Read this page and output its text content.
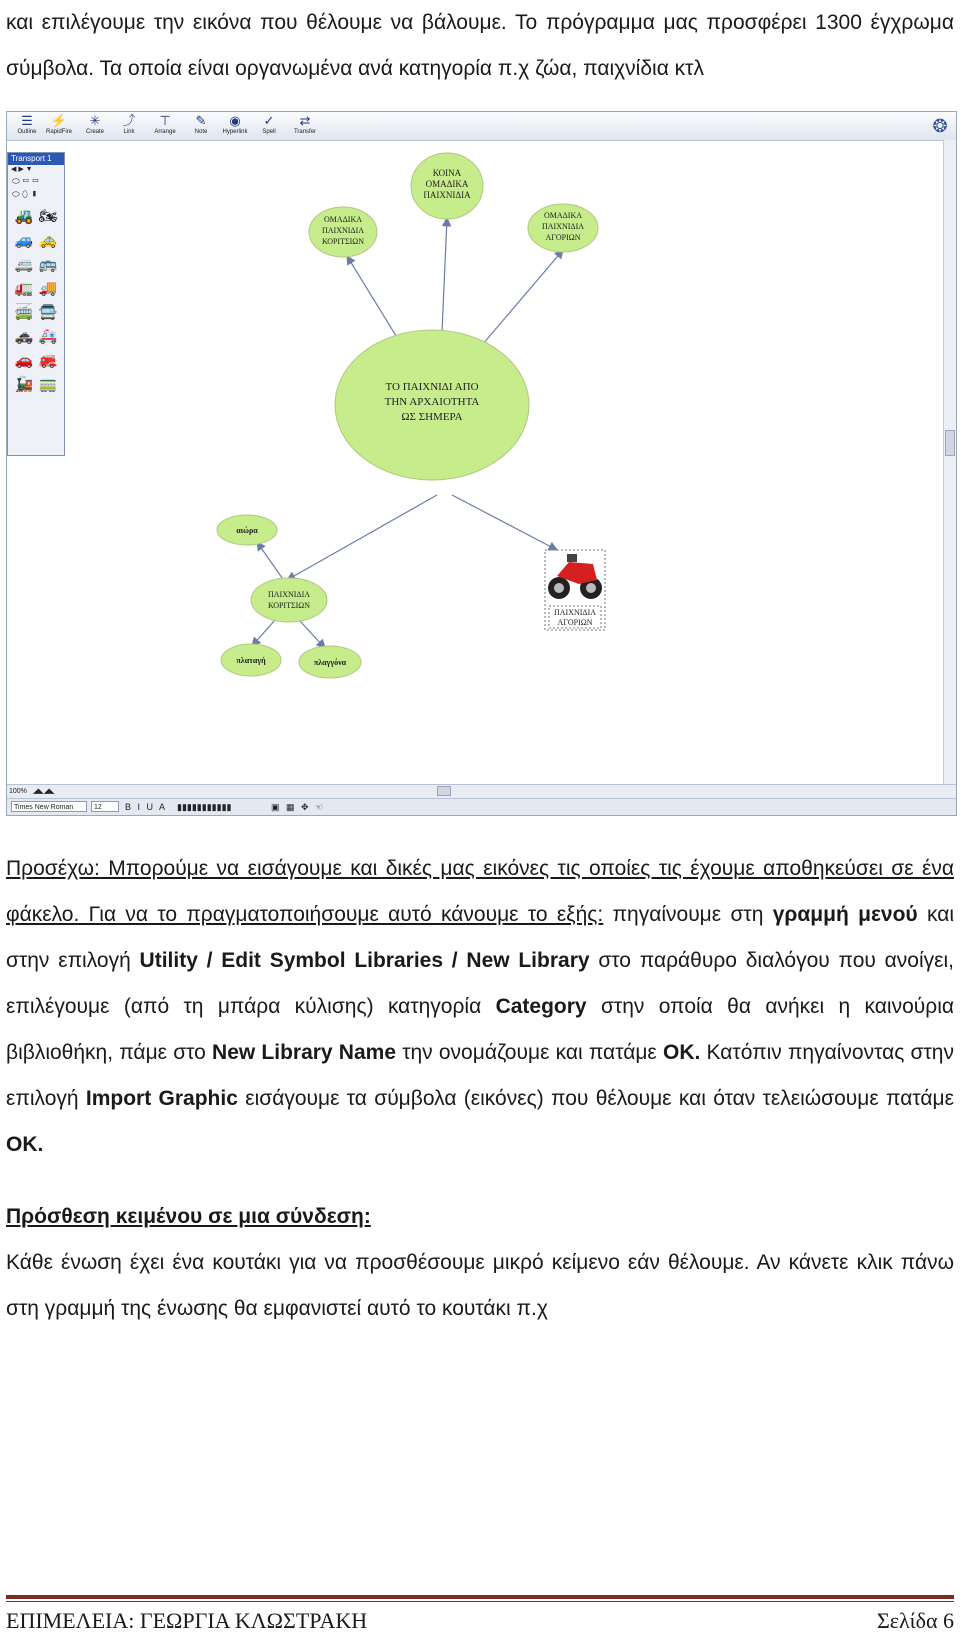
και επιλέγουμε την εικόνα που θέλουμε να βάλουμε. Το πρόγραμμα μας προσφέρει 1300 έγχρωμα σύμβολα. Τα οποία είναι οργανωμένα ανά κατηγορία π.χ ζώα, παιχνίδια κτλ
☰
Outline
⚡
RapidFire
✳
Create
⤴
Link
⊤
Arrange
✎
Note
◉
Hyperlink
✓
Spell
⇄
Transfer	❂
ΚΟΙΝΑ ΟΜΑΔΙΚΑ ΠΑΙΧΝΙΔΙΑ
ΟΜΑΔΙΚΑ ΠΑΙΧΝΙΔΙΑ ΚΟΡΙΤΣΙΩΝ
ΟΜΑΔΙΚΑ ΠΑΙΧΝΙΔΙΑ ΑΓΟΡΙΩΝ
ΤΟ ΠΑΙΧΝΙΔΙ ΑΠΟ ΤΗΝ ΑΡΧΑΙΟΤΗΤΑ ΩΣ ΣΗΜΕΡΑ
ΠΑΙΧΝΙΔΙΑ ΚΟΡΙΤΣΙΩΝ
αιώρα
πλαταγή	πλαγγόνα
ΠΑΙΧΝΙΔΙΑ ΑΓΟΡΙΩΝ
Transport 1
◀ ▶ ▼
⬭ ▭ ▭
⬭ ⬯ ▮
🚜 🏍🚙 🚕🚐 🚌🚛 🚚🚎 🚍🚓 🚑🚗 🚒🚂 🚃
100% ◢◣◢◣
Times New Roman	12	B I U A ▮▮▮▮▮▮▮▮▮▮▮	▣ ▦ ✥ ☜
Προσέχω: Μπορούμε να εισάγουμε και δικές μας εικόνες τις οποίες τις έχουμε αποθηκεύσει σε ένα φάκελο. Για να το πραγματοποιήσουμε αυτό κάνουμε το εξής: πηγαίνουμε στη γραμμή μενού και στην επιλογή Utility / Edit Symbol Libraries / New Library στο παράθυρο διαλόγου που ανοίγει, επιλέγουμε (από τη μπάρα κύλισης) κατηγορία Category στην οποία θα ανήκει η καινούρια βιβλιοθήκη, πάμε στο New Library Name την ονομάζουμε και πατάμε OK. Κατόπιν πηγαίνοντας στην επιλογή Import Graphic εισάγουμε τα σύμβολα (εικόνες) που θέλουμε και όταν τελειώσουμε πατάμε OK.
Πρόσθεση κειμένου σε μια σύνδεση:
Κάθε ένωση έχει ένα κουτάκι για να προσθέσουμε μικρό κείμενο εάν θέλουμε. Αν κάνετε κλικ πάνω στη γραμμή της ένωσης θα εμφανιστεί αυτό το κουτάκι π.χ
ΕΠΙΜΕΛΕΙΑ: ΓΕΩΡΓΙΑ ΚΛΩΣΤΡΑΚΗ	Σελίδα 6
